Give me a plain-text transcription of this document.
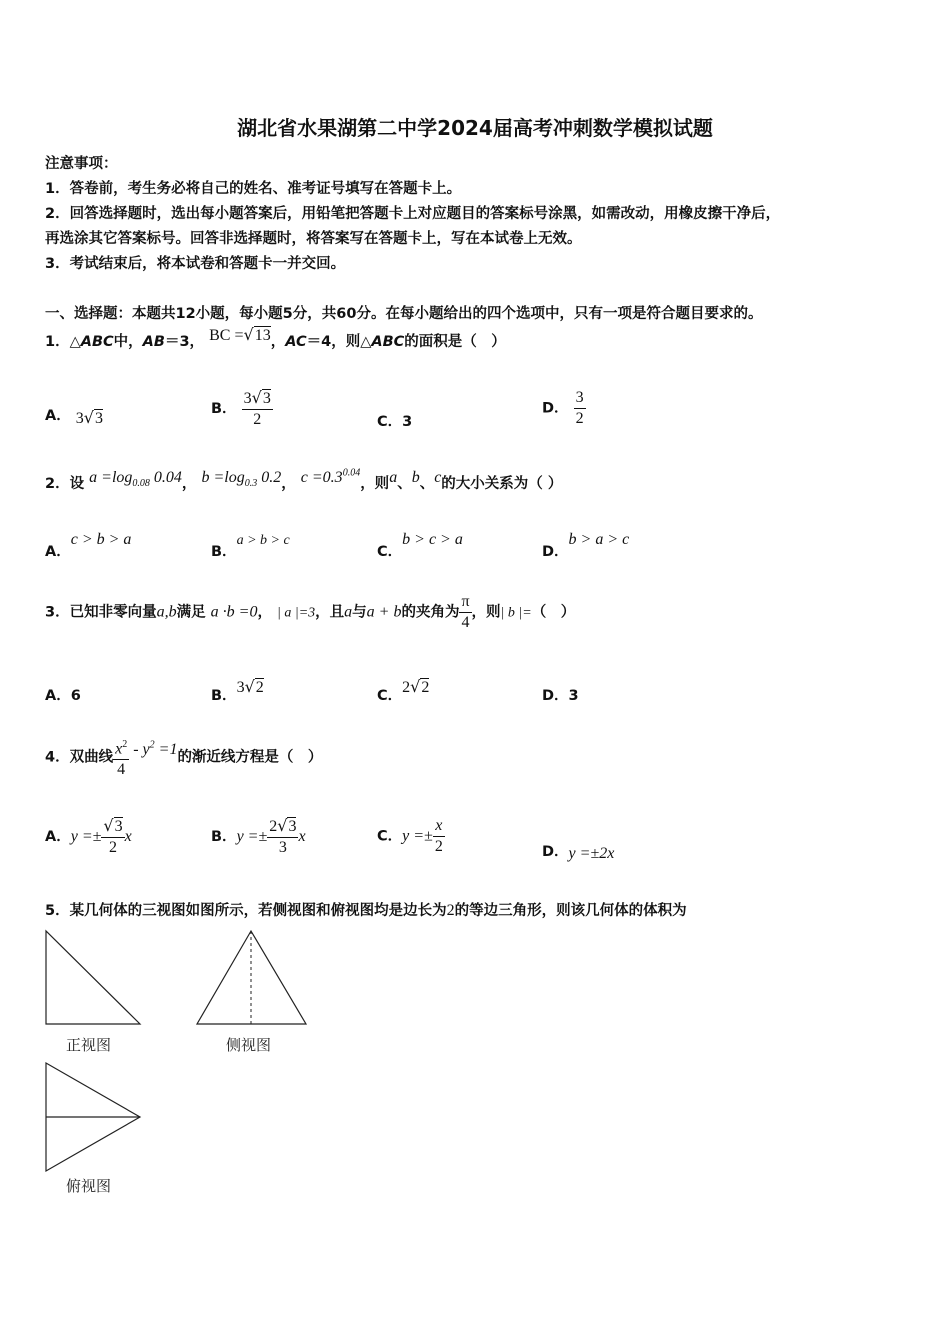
湖北省水果湖第二中学2024届高考冲刺数学模拟试题
注意事项：
1．答卷前，考生务必将自己的姓名、准考证号填写在答题卡上。
2．回答选择题时，选出每小题答案后，用铅笔把答题卡上对应题目的答案标号涂黑，如需改动，用橡皮擦干净后，
再选涂其它答案标号。回答非选择题时，将答案写在答题卡上，写在本试卷上无效。
3．考试结束后，将本试卷和答题卡一并交回。
一、选择题：本题共12小题，每小题5分，共60分。在每小题给出的四个选项中，只有一项是符合题目要求的。
1．△ABC中，AB＝3， BC =√13，AC＝4，则△ABC的面积是（　）
A． 3√3
B． $\frac{3√3}{2}$	C．3
D． $\frac{3}{2}$
2．设 $a =\log_{0.08}$ 0.04， $b =\log_{0.3}$ 0.2， $c =0.3^{0.04}$，则a、b、c的大小关系为（ ）
A．c > b > a
B．a > b > c
C．b > c > a
D．b > a > c
3．已知非零向量a,b满足 a ·b =0， | a |=3，且a与a + b的夹角为 $\frac{\pi}{4}$ ，则| b |=（　）
A．6	B．3√2	C．2√2	D．3
4．双曲线 $\frac{x^2}{4} - y^2 =1$的渐近线方程是（　）
A．$y =\pm \frac{√3}{2}$ x	B．$y =\pm \frac{2√3}{3}$ x	C．$y =\pm \frac{x}{2}$	D．y =±2x
5．某几何体的三视图如图所示，若侧视图和俯视图均是边长为2的等边三角形，则该几何体的体积为
正视图	侧视图
俯视图
